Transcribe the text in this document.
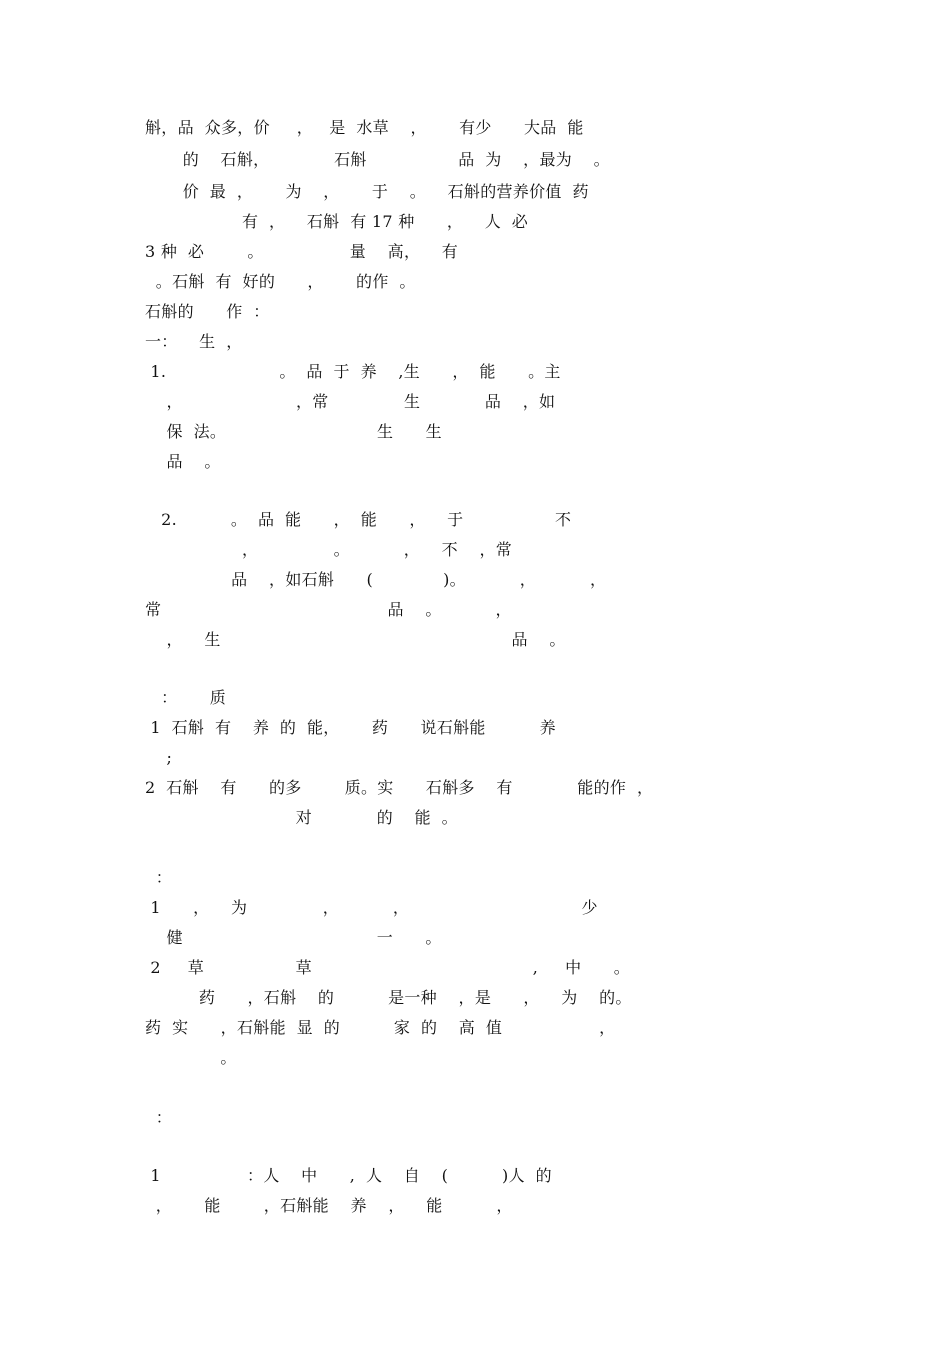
斛，品  众多，价     ，   是  水草    ，      有少      大品  能
的    石斛，            石斛                 品  为    ，最为    。
价  最  ，      为    ，      于    。    石斛的营养价值  药
有  ，    石斛  有 17 种      ，    人  必
3 种  必        。                量    高，    有
。石斛  有  好的      ，      的作  。
石斛的      作  ：
一：    生  ，
1.                     。  品  于  养    ,生      ，  能      。主
，                     ，常              生            品    ，如
保  法。                            生      生
品    。
2.          。  品  能      ，  能      ，    于                 不
，              。          ，    不    ，常
品    ，如石斛      (             )。          ，          ，
常                                          品    。          ，
，    生                                                      品    。
：      质
1  石斛  有    养  的  能，      药      说石斛能          养
;
2  石斛    有      的多        质。实      石斛多    有            能的作  ，
对            的    能  。
：
1      ，    为              ，          ，                                少
健                                    一      。
2     草                 草                                         ,     中      。
药      ，石斛    的          是一种    ，是      ，    为    的。
药  实      ，石斛能  显  的          家  的    高  值                  ，
。
：
1                ：人    中      ,  人    自    (          )人  的
，      能        ，石斛能    养    ，    能          ，
